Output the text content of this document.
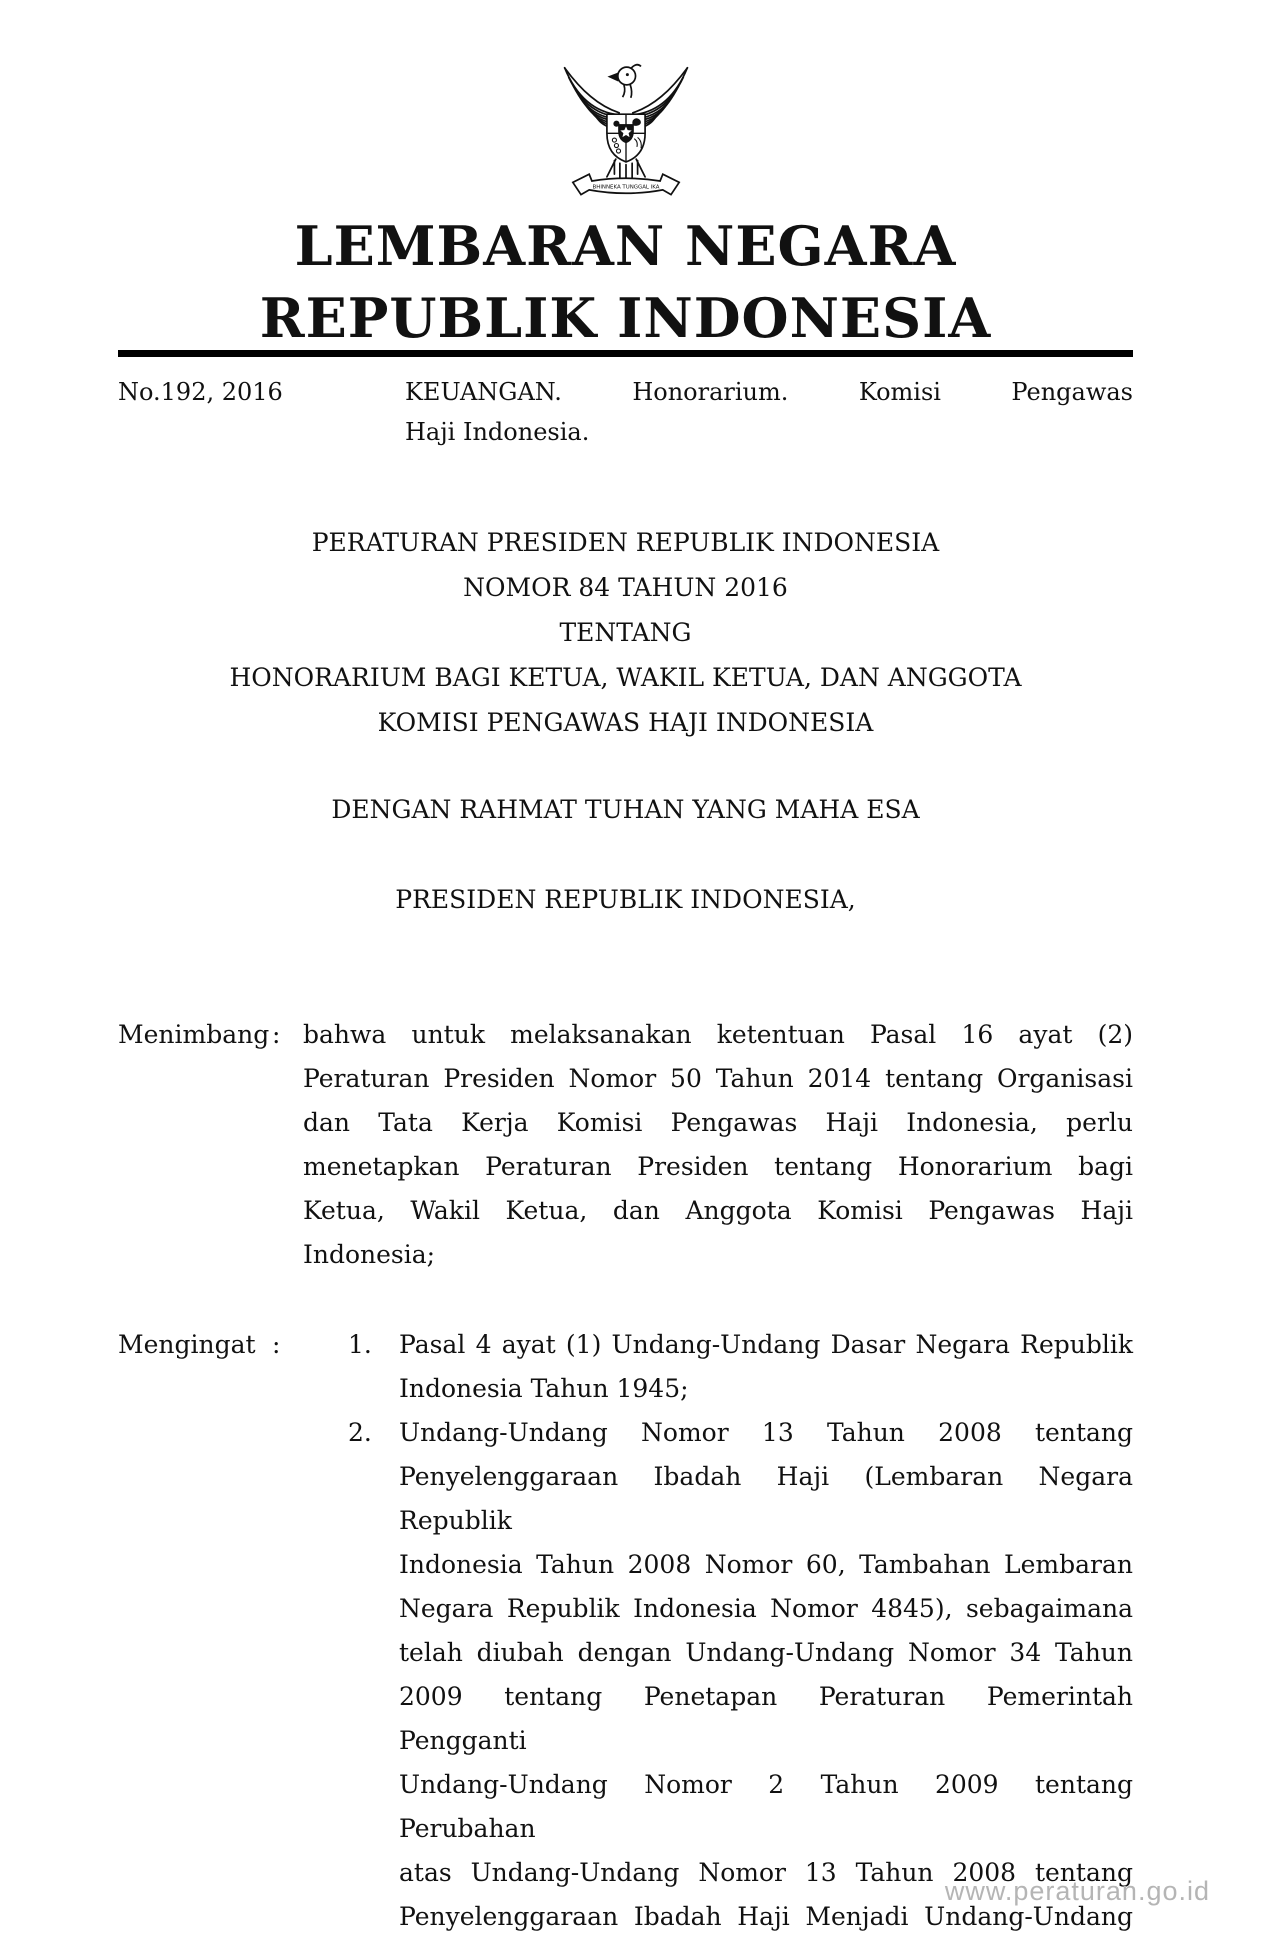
BHINNEKA TUNGGAL IKA
LEMBARAN NEGARA
REPUBLIK INDONESIA
No.192, 2016	KEUANGAN. Honorarium. Komisi Pengawas
Haji Indonesia.
PERATURAN PRESIDEN REPUBLIK INDONESIA
NOMOR 84 TAHUN 2016
TENTANG
HONORARIUM BAGI KETUA, WAKIL KETUA, DAN ANGGOTA
KOMISI PENGAWAS HAJI INDONESIA
DENGAN RAHMAT TUHAN YANG MAHA ESA
PRESIDEN REPUBLIK INDONESIA,
Menimbang : bahwa untuk melaksanakan ketentuan Pasal 16 ayat (2)
Peraturan Presiden Nomor 50 Tahun 2014 tentang Organisasi
dan Tata Kerja Komisi Pengawas Haji Indonesia, perlu
menetapkan Peraturan Presiden tentang Honorarium bagi
Ketua, Wakil Ketua, dan Anggota Komisi Pengawas Haji
Indonesia;
Mengingat :	1.	Pasal 4 ayat (1) Undang-Undang Dasar Negara Republik
Indonesia Tahun 1945;
2.	Undang-Undang Nomor 13 Tahun 2008 tentang
Penyelenggaraan Ibadah Haji (Lembaran Negara Republik
Indonesia Tahun 2008 Nomor 60, Tambahan Lembaran
Negara Republik Indonesia Nomor 4845), sebagaimana
telah diubah dengan Undang-Undang Nomor 34 Tahun
2009 tentang Penetapan Peraturan Pemerintah Pengganti
Undang-Undang Nomor 2 Tahun 2009 tentang Perubahan
atas Undang-Undang Nomor 13 Tahun 2008 tentang
Penyelenggaraan Ibadah Haji Menjadi Undang-Undang
www.peraturan.go.id
